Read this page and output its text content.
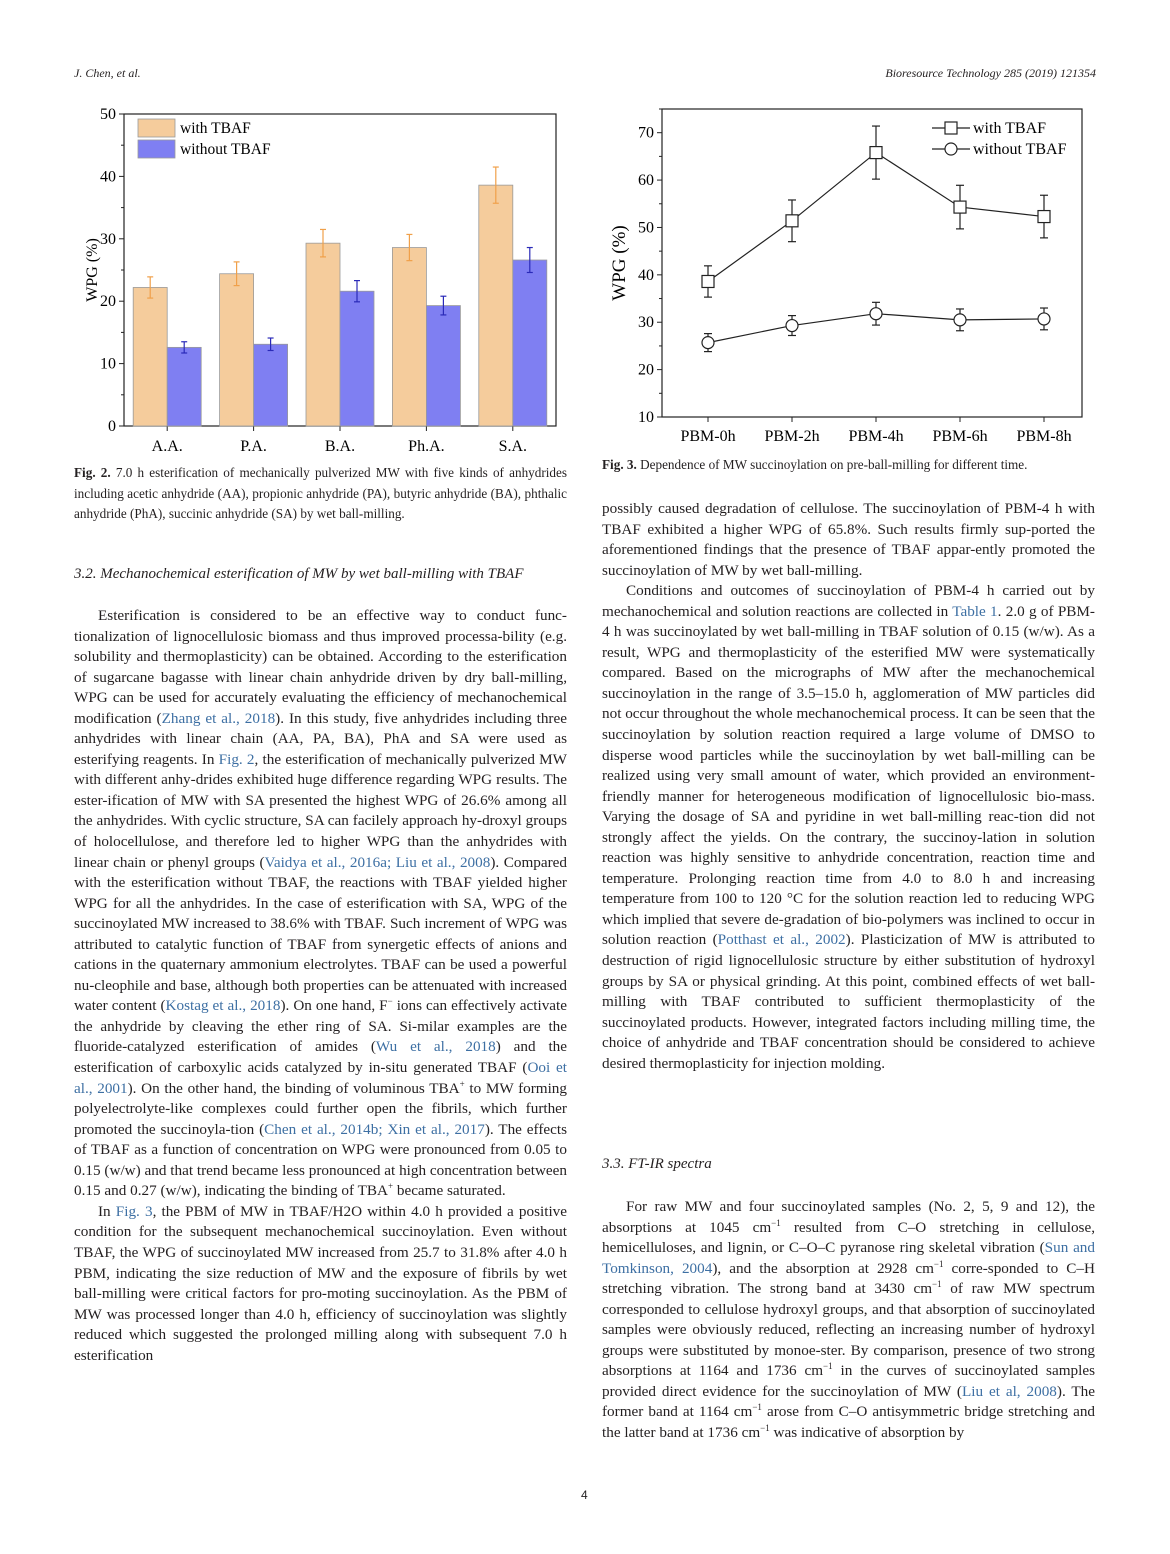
J. Chen, et al.	Bioresource Technology 285 (2019) 121354
0
10
20
30
40
50
WPG (%)
A.A.	P.A.	B.A.	Ph.A.	S.A.
with TBAF
without TBAF
10
20
30
40
50
60
70
WPG (%)
PBM-0h PBM-2h PBM-4h PBM-6h PBM-8h
with TBAF
without TBAF
Fig. 2. 7.0 h esterification of mechanically pulverized MW with five kinds of anhydrides including acetic anhydride (AA), propionic anhydride (PA), butyric anhydride (BA), phthalic anhydride (PhA), succinic anhydride (SA) by wet ball-milling.
Fig. 3. Dependence of MW succinoylation on pre-ball-milling for different time.
3.2. Mechanochemical esterification of MW by wet ball-milling with TBAF

Esterification is considered to be an effective way to conduct func-tionalization of lignocellulosic biomass and thus improved processa-bility (e.g. solubility and thermoplasticity) can be obtained. According to the esterification of sugarcane bagasse with linear chain anhydride driven by dry ball-milling, WPG can be used for accurately evaluating the efficiency of mechanochemical modification (Zhang et al., 2018). In this study, five anhydrides including three anhydrides with linear chain (AA, PA, BA), PhA and SA were used as esterifying reagents. In Fig. 2, the esterification of mechanically pulverized MW with different anhy-drides exhibited huge difference regarding WPG results. The ester-ification of MW with SA presented the highest WPG of 26.6% among all the anhydrides. With cyclic structure, SA can facilely approach hy-droxyl groups of holocellulose, and therefore led to higher WPG than the anhydrides with linear chain or phenyl groups (Vaidya et al., 2016a; Liu et al., 2008). Compared with the esterification without TBAF, the reactions with TBAF yielded higher WPG for all the anhydrides. In the case of esterification with SA, WPG of the succinoylated MW increased to 38.6% with TBAF. Such increment of WPG was attributed to catalytic function of TBAF from synergetic effects of anions and cations in the quaternary ammonium electrolytes. TBAF can be used a powerful nu-cleophile and base, although both properties can be attenuated with increased water content (Kostag et al., 2018). On one hand, F− ions can effectively activate the anhydride by cleaving the ether ring of SA. Si-milar examples are the fluoride-catalyzed esterification of amides (Wu et al., 2018) and the esterification of carboxylic acids catalyzed by in-situ generated TBAF (Ooi et al., 2001). On the other hand, the binding of voluminous TBA+ to MW forming polyelectrolyte-like complexes could further open the fibrils, which further promoted the succinoyla-tion (Chen et al., 2014b; Xin et al., 2017). The effects of TBAF as a function of concentration on WPG were pronounced from 0.05 to 0.15 (w/w) and that trend became less pronounced at high concentration between 0.15 and 0.27 (w/w), indicating the binding of TBA+ became saturated.

In Fig. 3, the PBM of MW in TBAF/H2O within 4.0 h provided a positive condition for the subsequent mechanochemical succinoylation. Even without TBAF, the WPG of succinoylated MW increased from 25.7 to 31.8% after 4.0 h PBM, indicating the size reduction of MW and the exposure of fibrils by wet ball-milling were critical factors for pro-moting succinoylation. As the PBM of MW was processed longer than 4.0 h, efficiency of succinoylation was slightly reduced which suggested the prolonged milling along with subsequent 7.0 h esterification

possibly caused degradation of cellulose. The succinoylation of PBM-4 h with TBAF exhibited a higher WPG of 65.8%. Such results firmly sup-ported the aforementioned findings that the presence of TBAF appar-ently promoted the succinoylation of MW by wet ball-milling.

Conditions and outcomes of succinoylation of PBM-4 h carried out by mechanochemical and solution reactions are collected in Table 1. 2.0 g of PBM-4 h was succinoylated by wet ball-milling in TBAF solution of 0.15 (w/w). As a result, WPG and thermoplasticity of the esterified MW were systematically compared. Based on the micrographs of MW after the mechanochemical succinoylation in the range of 3.5–15.0 h, agglomeration of MW particles did not occur throughout the whole mechanochemical process. It can be seen that the succinoylation by solution reaction required a large volume of DMSO to disperse wood particles while the succinoylation by wet ball-milling can be realized using very small amount of water, which provided an environment-friendly manner for heterogeneous modification of lignocellulosic bio-mass. Varying the dosage of SA and pyridine in wet ball-milling reac-tion did not strongly affect the yields. On the contrary, the succinoy-lation in solution reaction was highly sensitive to anhydride concentration, reaction time and temperature. Prolonging reaction time from 4.0 to 8.0 h and increasing temperature from 100 to 120 °C for the solution reaction led to reducing WPG which implied that severe de-gradation of bio-polymers was inclined to occur in solution reaction (Potthast et al., 2002). Plasticization of MW is attributed to destruction of rigid lignocellulosic structure by either substitution of hydroxyl groups by SA or physical grinding. At this point, combined effects of wet ball-milling with TBAF contributed to sufficient thermoplasticity of the succinoylated products. However, integrated factors including milling time, the choice of anhydride and TBAF concentration should be considered to achieve desired thermoplasticity for injection molding.

3.3. FT-IR spectra

For raw MW and four succinoylated samples (No. 2, 5, 9 and 12), the absorptions at 1045 $cm^{-1}$ resulted from C–O stretching in cellulose, hemicelluloses, and lignin, or C–O–C pyranose ring skeletal vibration (Sun and Tomkinson, 2004), and the absorption at 2928 $cm^{-1}$ corre-sponded to C–H stretching vibration. The strong band at 3430 $cm^{-1}$ of raw MW spectrum corresponded to cellulose hydroxyl groups, and that absorption of succinoylated samples were obviously reduced, reflecting an increasing number of hydroxyl groups were substituted by monoe-ster. By comparison, presence of two strong absorptions at 1164 and 1736 $cm^{-1}$ in the curves of succinoylated samples provided direct evidence for the succinoylation of MW (Liu et al, 2008). The former band at 1164 $cm^{-1}$ arose from C–O antisymmetric bridge stretching and the latter band at 1736 $cm^{-1}$ was indicative of absorption by

4
